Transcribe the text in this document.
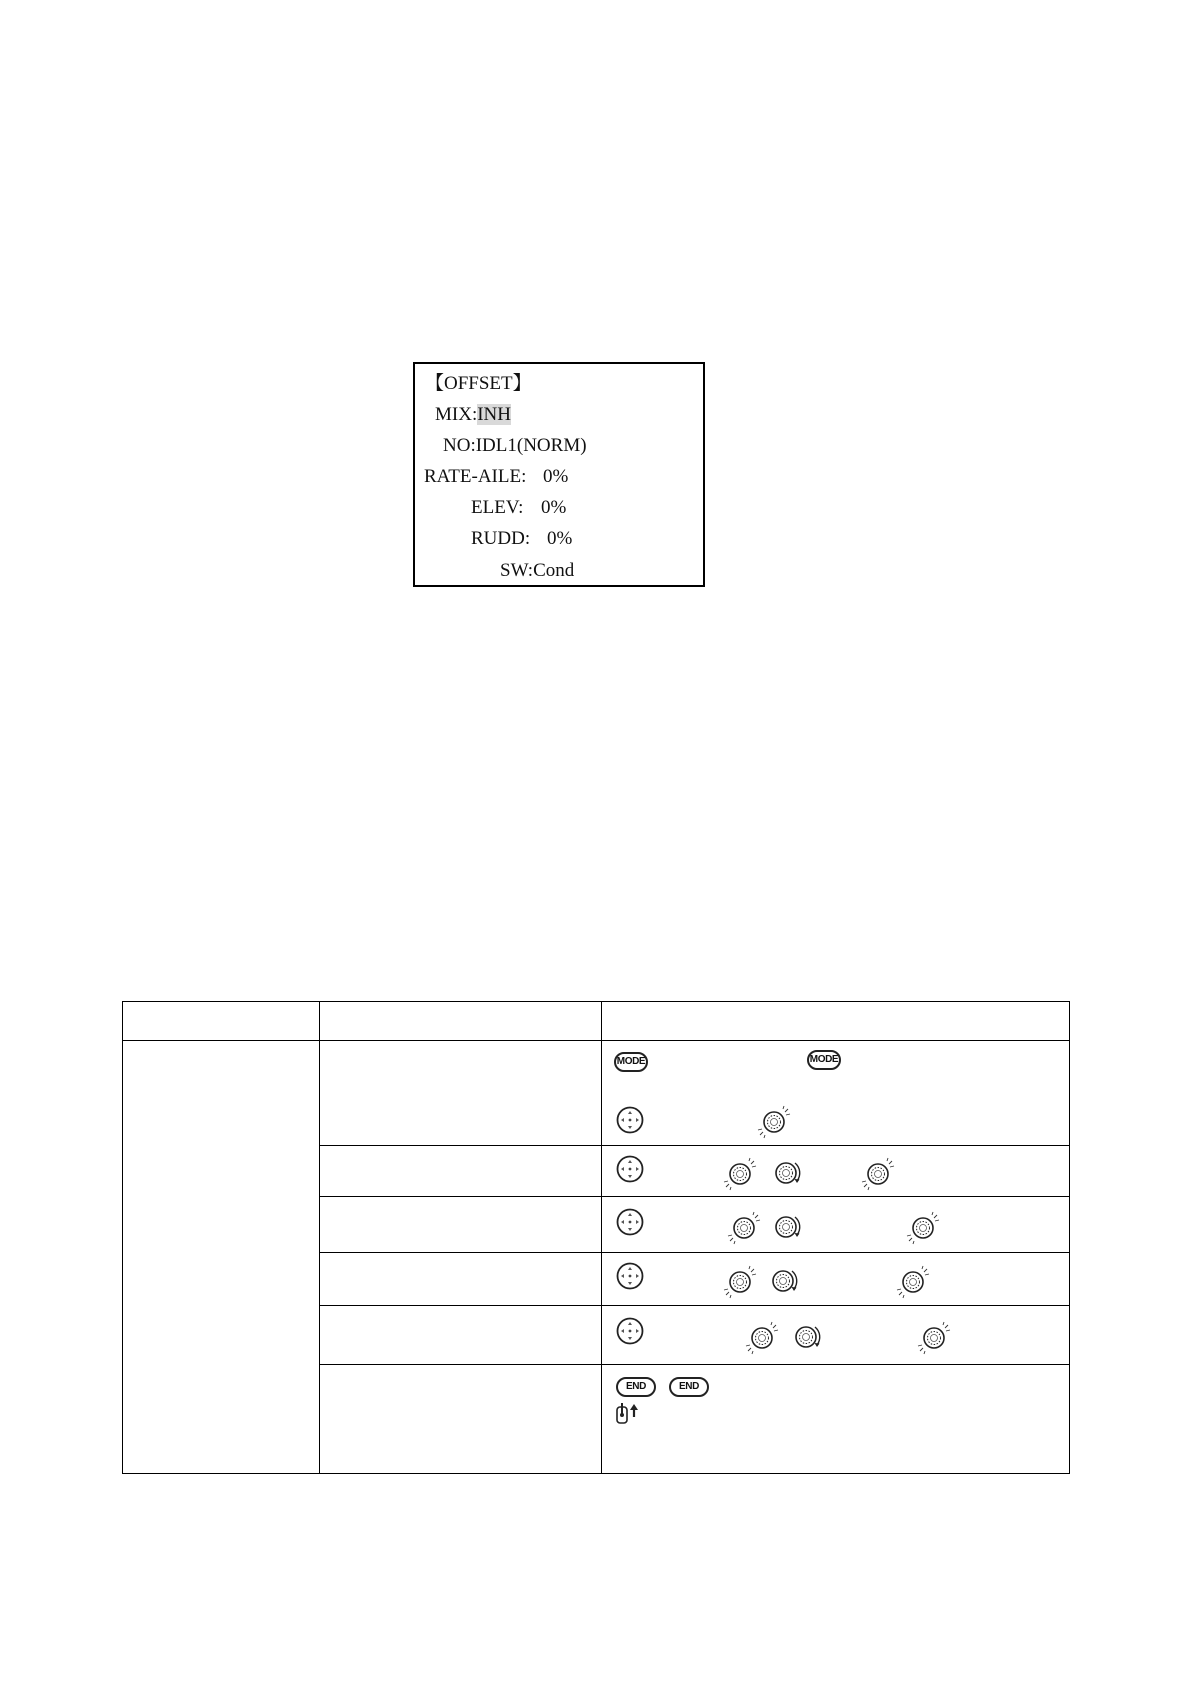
【OFFSET】
MIX:INH
NO:IDL1(NORM)
RATE-AILE: 0%
ELEV: 0%
RUDD: 0%
SW:Cond
MODE	MODE
END	END
